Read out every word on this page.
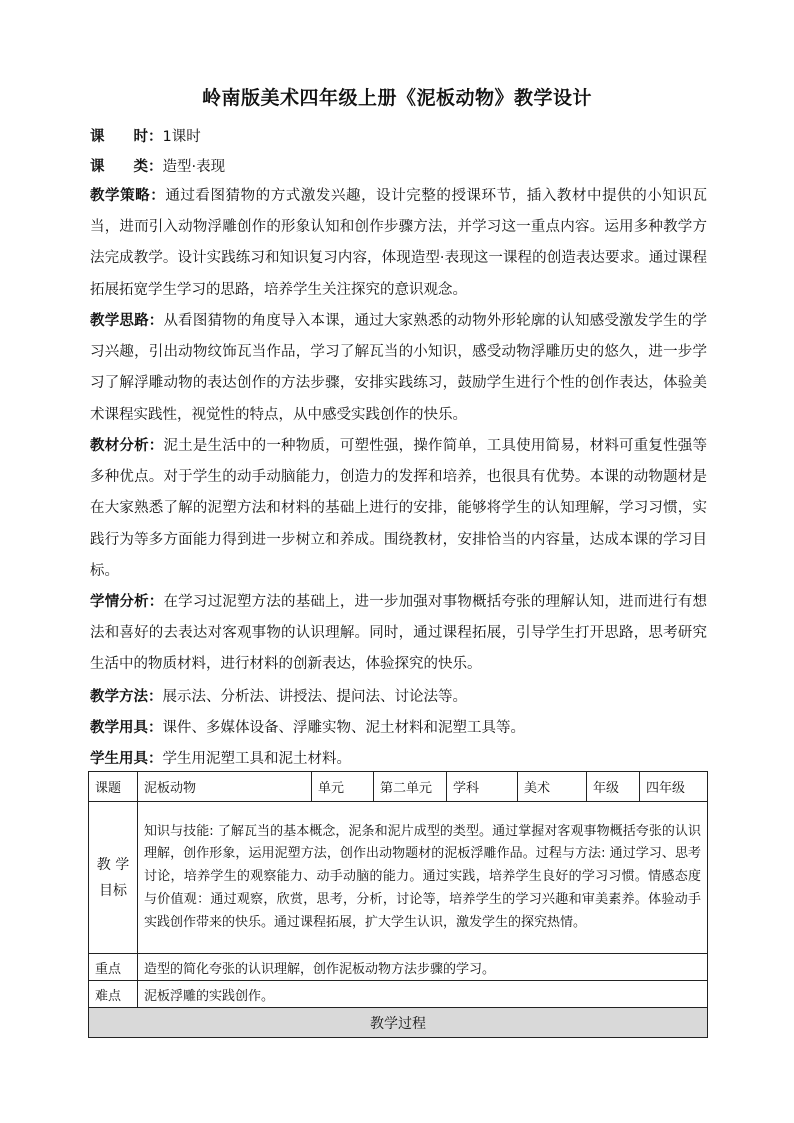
岭南版美术四年级上册《泥板动物》教学设计
课　　时：1课时
课　　类：造型·表现
教学策略：通过看图猜物的方式激发兴趣，设计完整的授课环节，插入教材中提供的小知识瓦当，进而引入动物浮雕创作的形象认知和创作步骤方法，并学习这一重点内容。运用多种教学方法完成教学。设计实践练习和知识复习内容，体现造型·表现这一课程的创造表达要求。通过课程拓展拓宽学生学习的思路，培养学生关注探究的意识观念。
教学思路：从看图猜物的角度导入本课，通过大家熟悉的动物外形轮廓的认知感受激发学生的学习兴趣，引出动物纹饰瓦当作品，学习了解瓦当的小知识，感受动物浮雕历史的悠久，进一步学习了解浮雕动物的表达创作的方法步骤，安排实践练习，鼓励学生进行个性的创作表达，体验美术课程实践性，视觉性的特点，从中感受实践创作的快乐。
教材分析：泥土是生活中的一种物质，可塑性强，操作简单，工具使用简易，材料可重复性强等多种优点。对于学生的动手动脑能力，创造力的发挥和培养，也很具有优势。本课的动物题材是在大家熟悉了解的泥塑方法和材料的基础上进行的安排，能够将学生的认知理解，学习习惯，实践行为等多方面能力得到进一步树立和养成。围绕教材，安排恰当的内容量，达成本课的学习目标。
学情分析：在学习过泥塑方法的基础上，进一步加强对事物概括夸张的理解认知，进而进行有想法和喜好的去表达对客观事物的认识理解。同时，通过课程拓展，引导学生打开思路，思考研究生活中的物质材料，进行材料的创新表达，体验探究的快乐。
教学方法：展示法、分析法、讲授法、提问法、讨论法等。
教学用具：课件、多媒体设备、浮雕实物、泥土材料和泥塑工具等。
学生用具：学生用泥塑工具和泥土材料。
课题	泥板动物	单元	第二单元	学科	美术	年级	四年级
教 学 目标	知识与技能: 了解瓦当的基本概念，泥条和泥片成型的类型。通过掌握对客观事物概括夸张的认识理解，创作形象，运用泥塑方法，创作出动物题材的泥板浮雕作品。过程与方法: 通过学习、思考讨论，培养学生的观察能力、动手动脑的能力。通过实践，培养学生良好的学习习惯。情感态度与价值观：通过观察，欣赏，思考，分析，讨论等，培养学生的学习兴趣和审美素养。体验动手实践创作带来的快乐。通过课程拓展，扩大学生认识，激发学生的探究热情。						

重点	造型的简化夸张的认识理解，创作泥板动物方法步骤的学习。						
难点	泥板浮雕的实践创作。						
教学过程							
